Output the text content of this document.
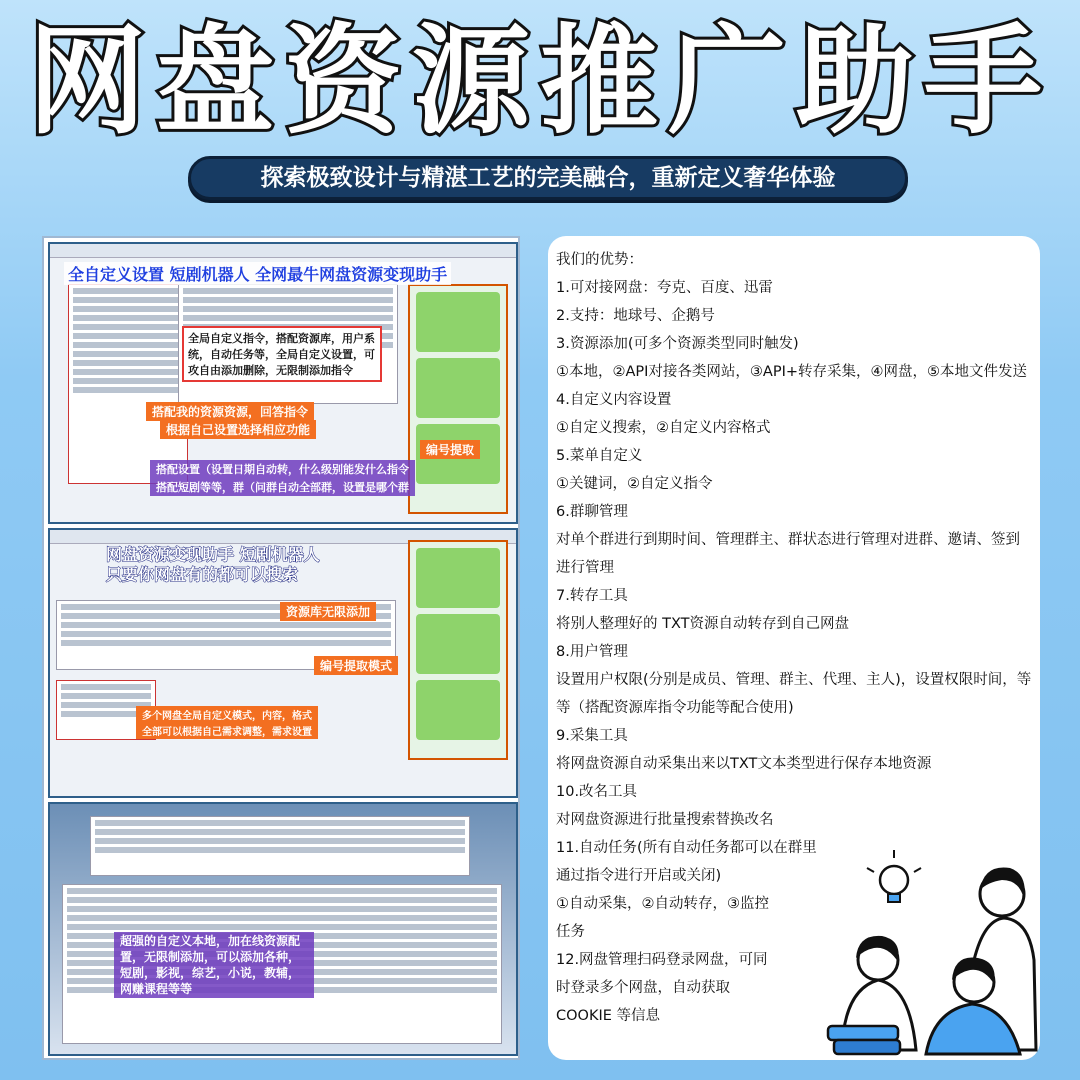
网盘资源推广助手
探索极致设计与精湛工艺的完美融合，重新定义奢华体验
全自定义设置 短剧机器人 全网最牛网盘资源变现助手
全局自定义指令，搭配资源库，用户系统，自动任务等，全局自定义设置，可 攻自由添加删除，无限制添加指令
搭配我的资源资源，回答指令
根据自己设置选择相应功能
搭配设置（设置日期自动转，什么级别能发什么指令
搭配短剧等等，群（问群自动全部群，设置是哪个群
编号提取
网盘资源变现助手 短剧机器人
只要你网盘有的都可以搜索
资源库无限添加
编号提取模式
多个网盘全局自定义模式，内容，格式
全部可以根据自己需求调整，需求设置
超强的自定义本地，加在线资源配置，无限制添加，可以添加各种，短剧，影视，综艺，小说，教辅，网赚课程等等

我们的优势：

1.可对接网盘：夸克、百度、迅雷

2.支持：地球号、企鹅号

3.资源添加(可多个资源类型同时触发)

①本地，②API对接各类网站，③API+转存采集，④网盘，⑤本地文件发送

4.自定义内容设置

①自定义搜索，②自定义内容格式

5.菜单自定义

①关键词，②自定义指令

6.群聊管理

对单个群进行到期时间、管理群主、群状态进行管理对进群、邀请、签到进行管理

7.转存工具

将别人整理好的 TXT资源自动转存到自己网盘

8.用户管理

设置用户权限(分别是成员、管理、群主、代理、主人)，设置权限时间，等等（搭配资源库指令功能等配合使用)

9.采集工具

将网盘资源自动采集出来以TXT文本类型进行保存本地资源

10.改名工具

对网盘资源进行批量搜索替换改名

11.自动任务(所有自动任务都可以在群里通过指令进行开启或关闭)

①自动采集，②自动转存，③监控任务

12.网盘管理扫码登录网盘，可同时登录多个网盘，自动获取 COOKIE 等信息
